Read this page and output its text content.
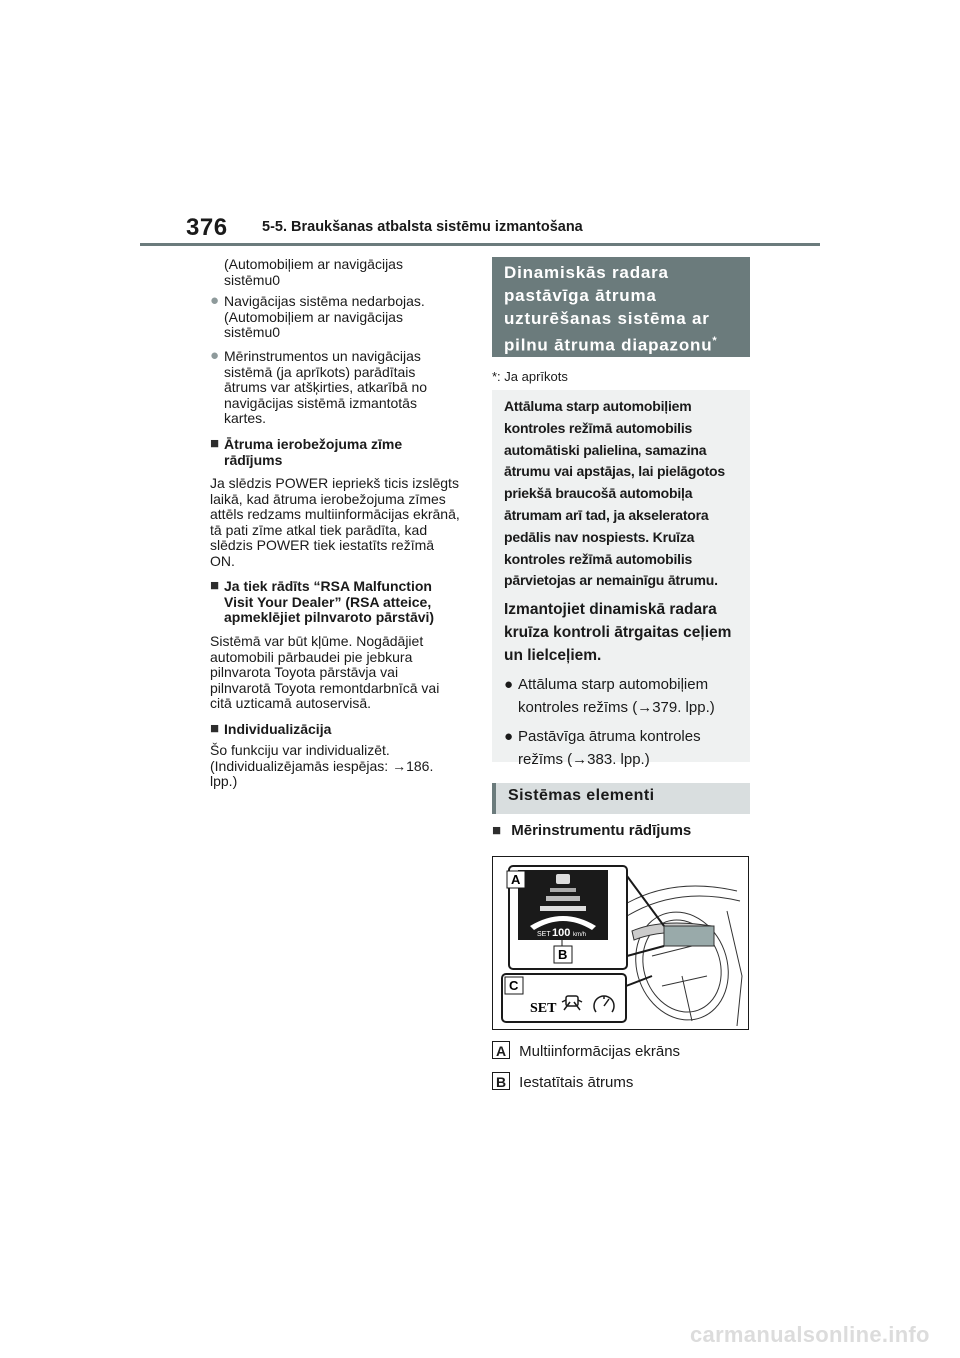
376 5-5. Braukšanas atbalsta sistēmu izmantošana
(Automobiļiem ar navigācijas
sistēmu0
● Navigācijas sistēma nedarbojas.
(Automobiļiem ar navigācijas
sistēmu0
● Mērinstrumentos un navigācijas
sistēmā (ja aprīkots) parādītais
ātrums var atšķirties, atkarībā no
navigācijas sistēmā izmantotās
kartes.
■ Ātruma ierobežojuma zīme
rādījums
Ja slēdzis POWER iepriekš ticis izslēgts
laikā, kad ātruma ierobežojuma zīmes
attēls redzams multiinformācijas ekrānā,
tā pati zīme atkal tiek parādīta, kad
slēdzis POWER tiek iestatīts režīmā
ON.
■ Ja tiek rādīts “RSA Malfunction
Visit Your Dealer” (RSA atteice,
apmeklējiet pilnvaroto pārstāvi)
Sistēmā var būt kļūme. Nogādājiet
automobili pārbaudei pie jebkura
pilnvarota Toyota pārstāvja vai
pilnvarotā Toyota remontdarbnīcā vai
citā uzticamā autoservisā.
■ Individualizācija
Šo funkciju var individualizēt.
(Individualizējamās iespējas: →186.
lpp.)
Dinamiskās radara
pastāvīga ātruma
uzturēšanas sistēma ar
pilnu ātruma diapazonu*
*: Ja aprīkots
Attāluma starp automobiļiem
kontroles režīmā automobilis
automātiski palielina, samazina
ātrumu vai apstājas, lai pielāgotos
priekšā braucošā automobiļa
ātrumam arī tad, ja akseleratora
pedālis nav nospiests. Kruīza
kontroles režīmā automobilis
pārvietojas ar nemainīgu ātrumu.
Izmantojiet dinamiskā radara
kruīza kontroli ātrgaitas ceļiem
un lielceļiem.
● Attāluma starp automobiļiem
kontroles režīms (→379. lpp.)
● Pastāvīga ātruma kontroles
režīms (→383. lpp.)
Sistēmas elementi
■ Mērinstrumentu rādījums
SET 100 km/h
A
B
C
SET
A Multiinformācijas ekrāns
B Iestatītais ātrums
carmanualsonline.info
